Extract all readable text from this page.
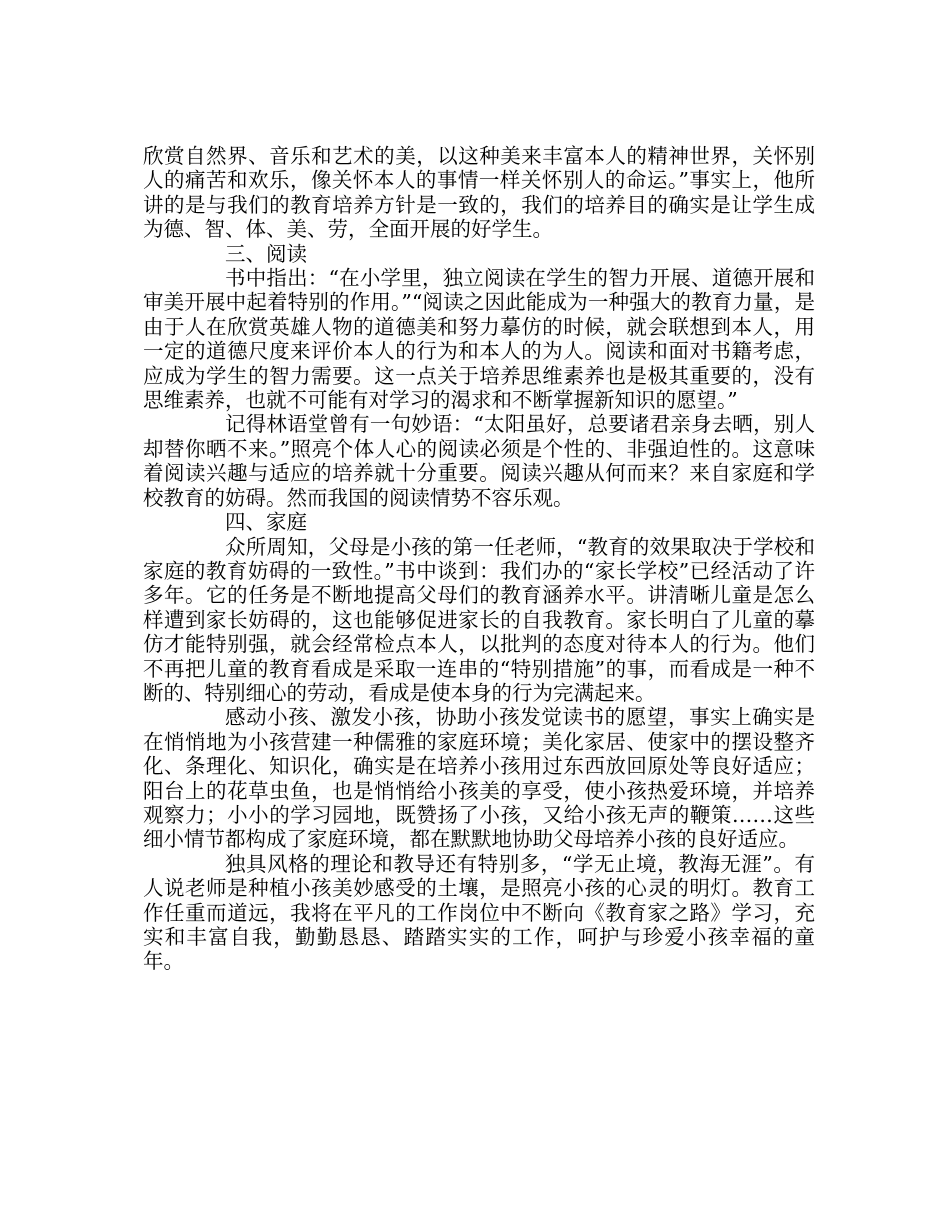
欣赏自然界、音乐和艺术的美，以这种美来丰富本人的精神世界，关怀别人的痛苦和欢乐，像关怀本人的事情一样关怀别人的命运。”事实上，他所讲的是与我们的教育培养方针是一致的，我们的培养目的确实是让学生成为德、智、体、美、劳，全面开展的好学生。

三、阅读

书中指出：“在小学里，独立阅读在学生的智力开展、道德开展和审美开展中起着特别的作用。”“阅读之因此能成为一种强大的教育力量，是由于人在欣赏英雄人物的道德美和努力摹仿的时候，就会联想到本人，用一定的道德尺度来评价本人的行为和本人的为人。阅读和面对书籍考虑，应成为学生的智力需要。这一点关于培养思维素养也是极其重要的，没有思维素养，也就不可能有对学习的渴求和不断掌握新知识的愿望。”

记得林语堂曾有一句妙语：“太阳虽好，总要诸君亲身去晒，别人却替你晒不来。”照亮个体人心的阅读必须是个性的、非强迫性的。这意味着阅读兴趣与适应的培养就十分重要。阅读兴趣从何而来？来自家庭和学校教育的妨碍。然而我国的阅读情势不容乐观。

四、家庭

众所周知，父母是小孩的第一任老师，“教育的效果取决于学校和家庭的教育妨碍的一致性。”书中谈到：我们办的“家长学校”已经活动了许多年。它的任务是不断地提高父母们的教育涵养水平。讲清晰儿童是怎么样遭到家长妨碍的，这也能够促进家长的自我教育。家长明白了儿童的摹仿才能特别强，就会经常检点本人，以批判的态度对待本人的行为。他们不再把儿童的教育看成是采取一连串的“特别措施”的事，而看成是一种不断的、特别细心的劳动，看成是使本身的行为完满起来。

感动小孩、激发小孩，协助小孩发觉读书的愿望，事实上确实是在悄悄地为小孩营建一种儒雅的家庭环境；美化家居、使家中的摆设整齐化、条理化、知识化，确实是在培养小孩用过东西放回原处等良好适应；阳台上的花草虫鱼，也是悄悄给小孩美的享受，使小孩热爱环境，并培养观察力；小小的学习园地，既赞扬了小孩，又给小孩无声的鞭策……这些细小情节都构成了家庭环境，都在默默地协助父母培养小孩的良好适应。

独具风格的理论和教导还有特别多，“学无止境，教海无涯”。有人说老师是种植小孩美妙感受的土壤，是照亮小孩的心灵的明灯。教育工作任重而道远，我将在平凡的工作岗位中不断向《教育家之路》学习，充实和丰富自我，勤勤恳恳、踏踏实实的工作，呵护与珍爱小孩幸福的童年。
